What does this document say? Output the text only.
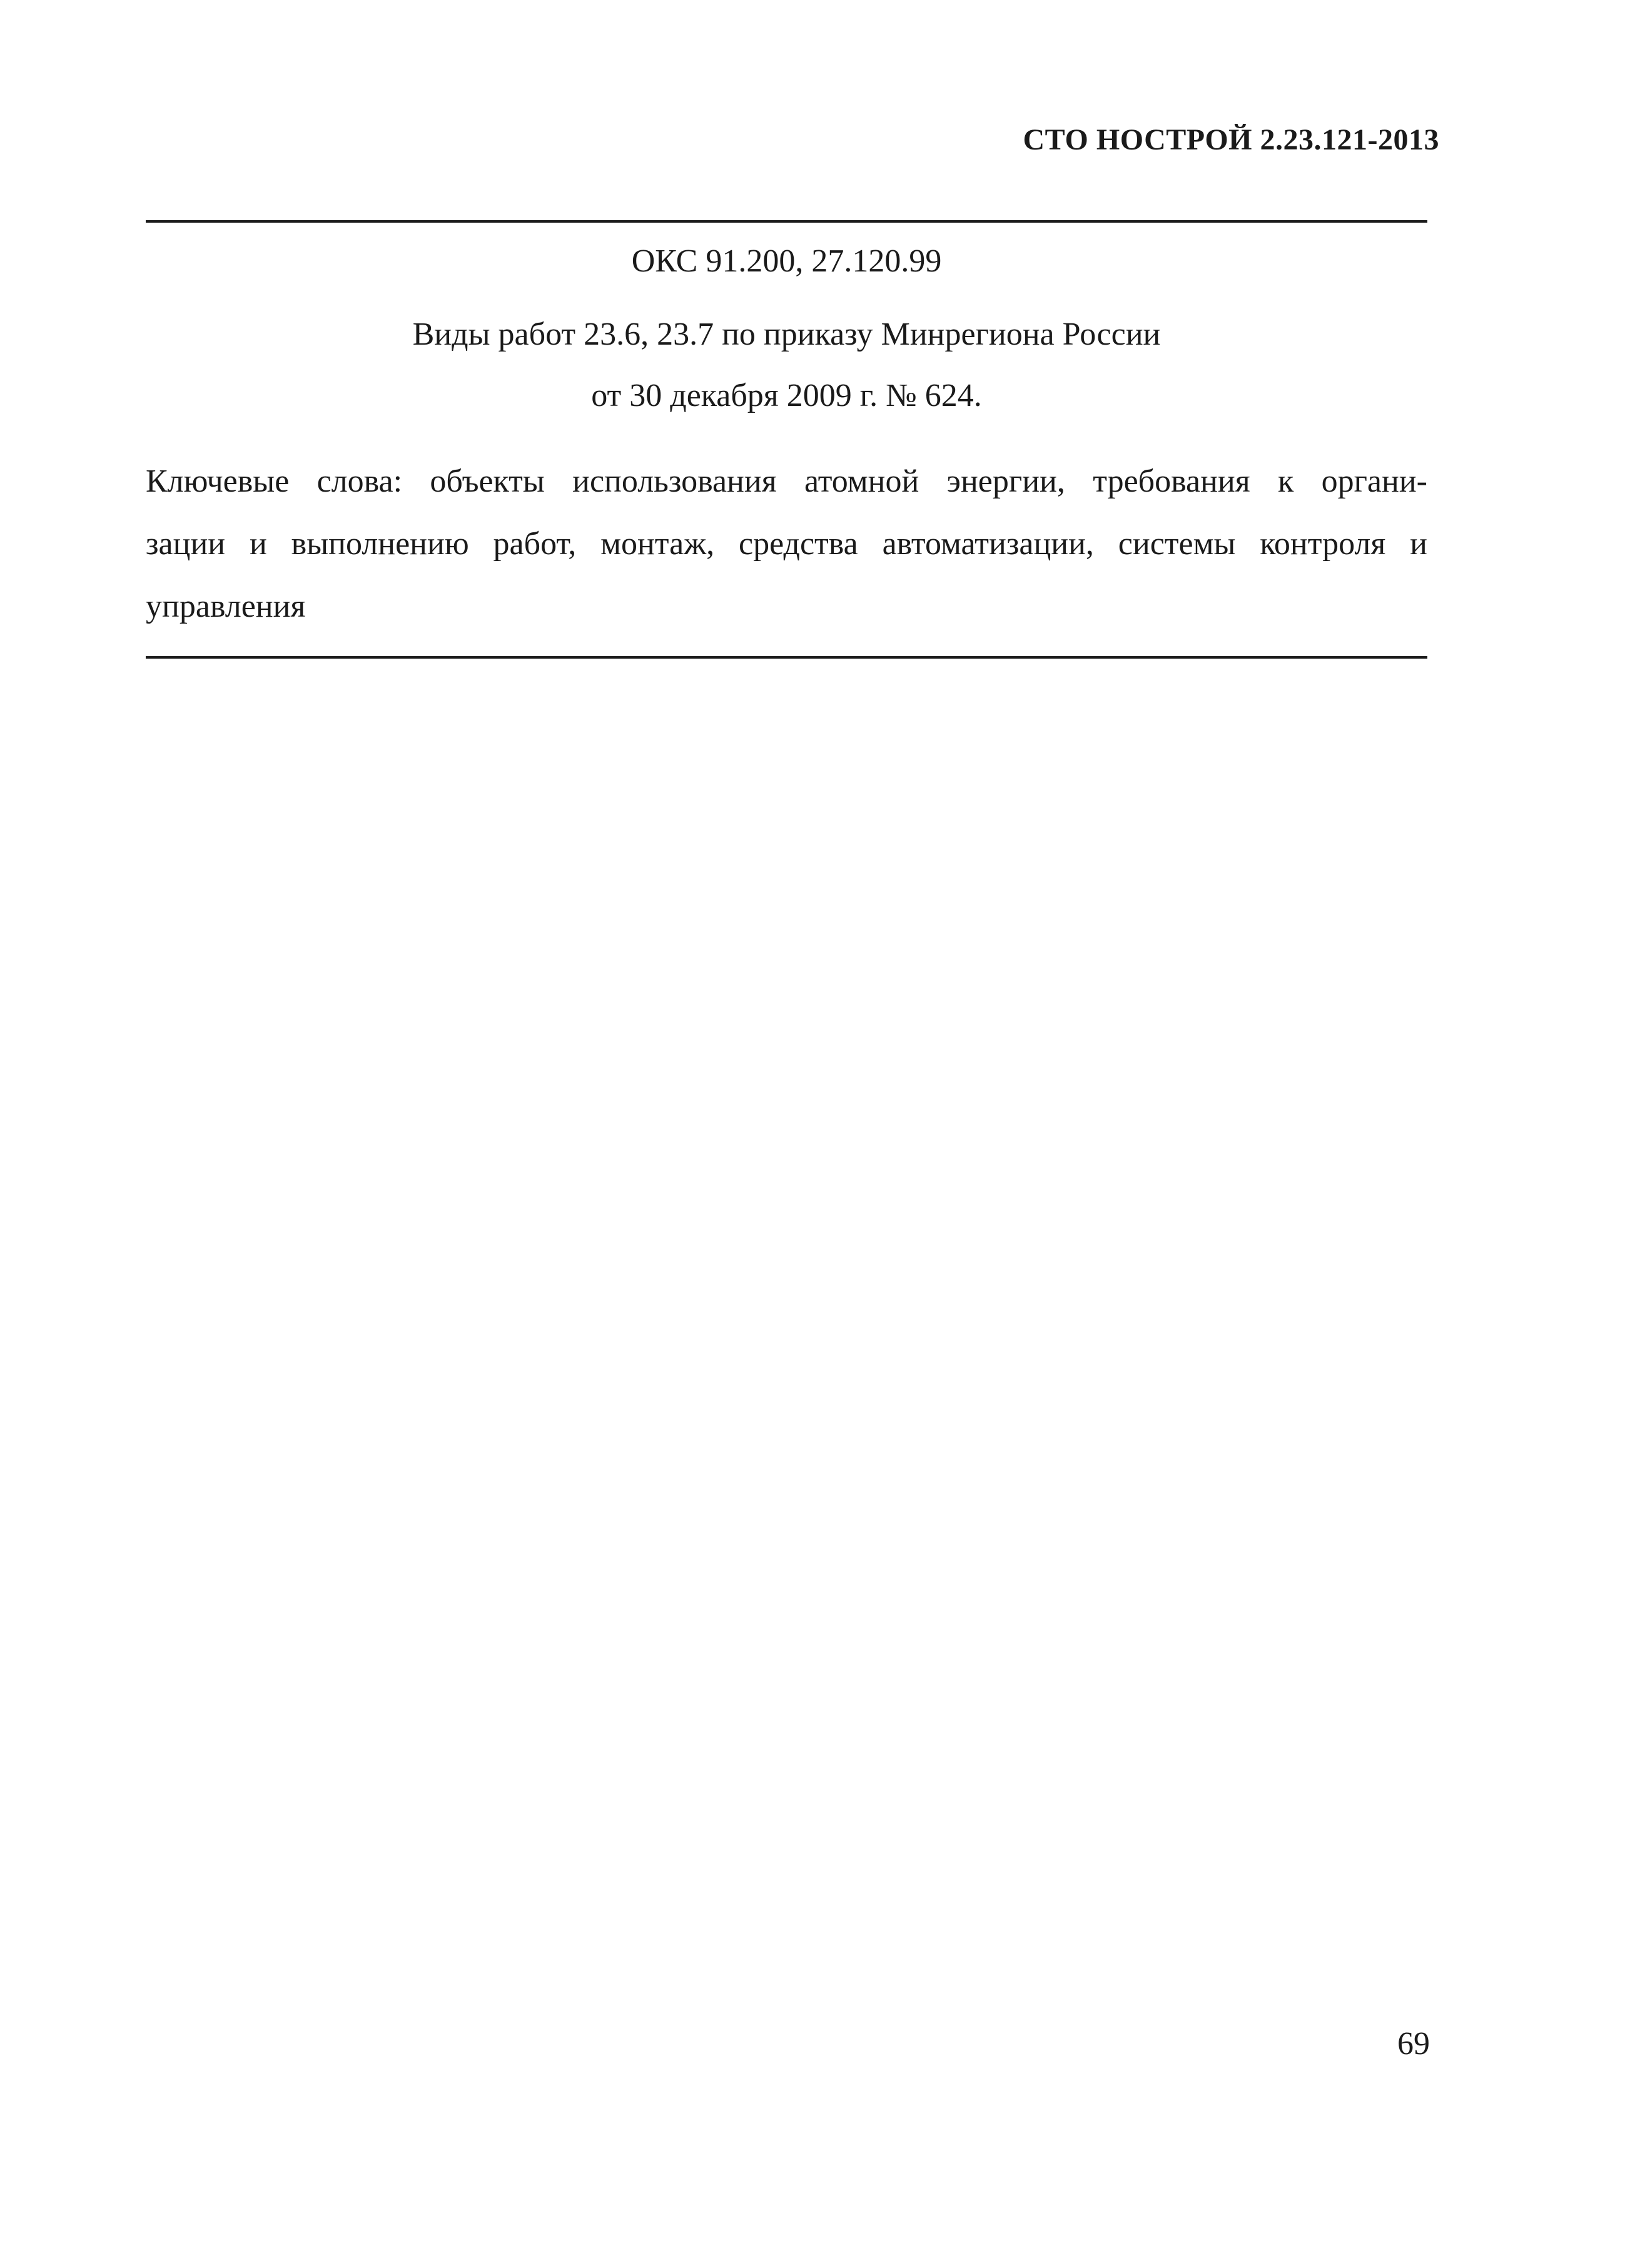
СТО НОСТРОЙ 2.23.121-2013
ОКС 91.200, 27.120.99
Виды работ 23.6, 23.7 по приказу Минрегиона России
от 30 декабря 2009 г. № 624.
Ключевые слова: объекты использования атомной энергии, требования к органи-
зации и выполнению работ, монтаж, средства автоматизации, системы контроля и
управления
69
